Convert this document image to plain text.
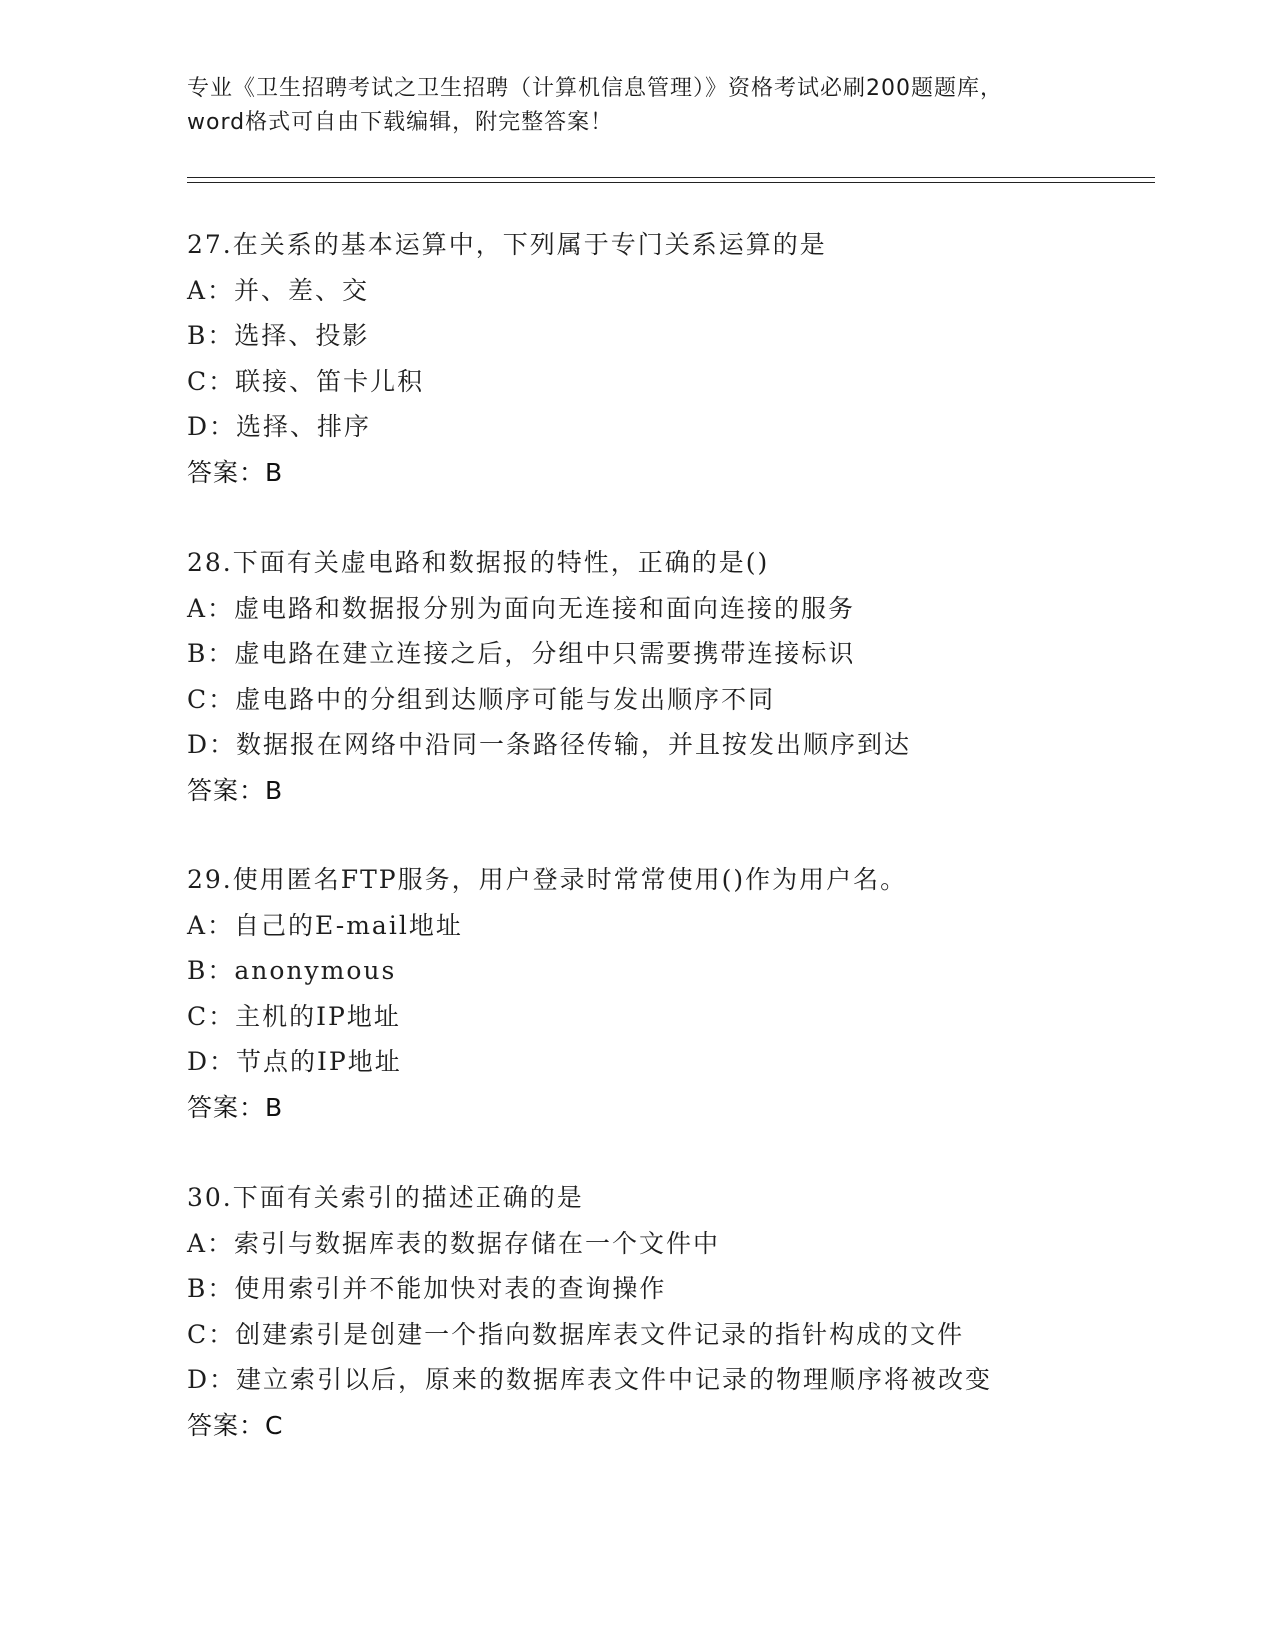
专业《卫生招聘考试之卫生招聘（计算机信息管理）》资格考试必刷200题题库，
word格式可自由下载编辑，附完整答案！
27.在关系的基本运算中，下列属于专门关系运算的是
A：并、差、交
B：选择、投影
C：联接、笛卡儿积
D：选择、排序
答案：B
28.下面有关虚电路和数据报的特性，正确的是()
A：虚电路和数据报分别为面向无连接和面向连接的服务
B：虚电路在建立连接之后，分组中只需要携带连接标识
C：虚电路中的分组到达顺序可能与发出顺序不同
D：数据报在网络中沿同一条路径传输，并且按发出顺序到达
答案：B
29.使用匿名FTP服务，用户登录时常常使用()作为用户名。
A：自己的E-mail地址
B：anonymous
C：主机的IP地址
D：节点的IP地址
答案：B
30.下面有关索引的描述正确的是
A：索引与数据库表的数据存储在一个文件中
B：使用索引并不能加快对表的查询操作
C：创建索引是创建一个指向数据库表文件记录的指针构成的文件
D：建立索引以后，原来的数据库表文件中记录的物理顺序将被改变
答案：C
